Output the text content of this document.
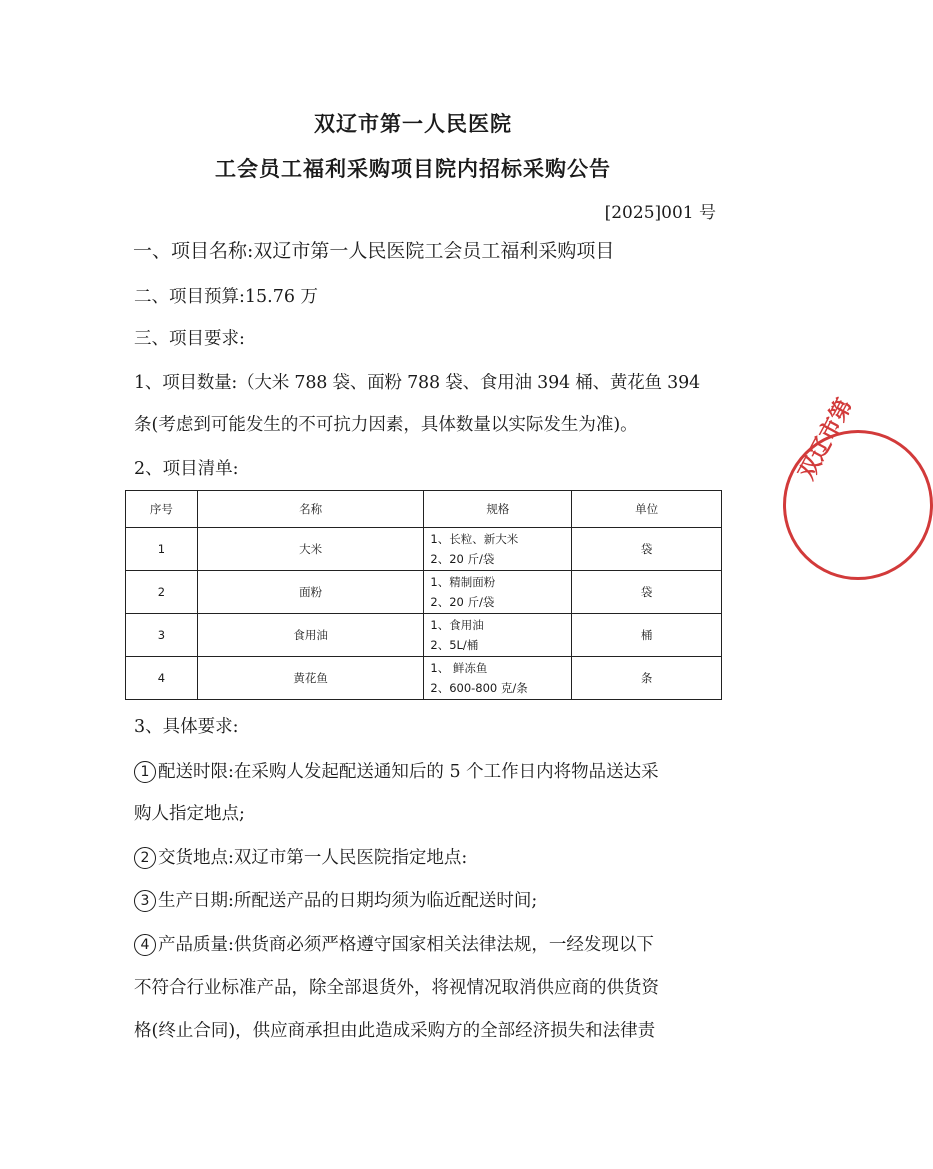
双辽市第一人民医院
工会员工福利采购项目院内招标采购公告
[2025]001 号
一、项目名称:双辽市第一人民医院工会员工福利采购项目
二、项目预算:15.76 万
三、项目要求:
1、项目数量:（大米 788 袋、面粉 788 袋、食用油 394 桶、黄花鱼 394
条(考虑到可能发生的不可抗力因素，具体数量以实际发生为准)。
2、项目清单:
序号	名称	规格	单位
1	大米	1、长粒、新大米
2、20 斤/袋	袋
2	面粉	1、精制面粉
2、20 斤/袋	袋
3	食用油	1、食用油
2、5L/桶	桶
4	黄花鱼	1、 鲜冻鱼
2、600-800 克/条	条
3、具体要求:
1 配送时限:在采购人发起配送通知后的 5 个工作日内将物品送达采
购人指定地点;
2 交货地点:双辽市第一人民医院指定地点:
3 生产日期:所配送产品的日期均须为临近配送时间;
4 产品质量:供货商必须严格遵守国家相关法律法规，一经发现以下
不符合行业标准产品，除全部退货外，将视情况取消供应商的供货资
格(终止合同)，供应商承担由此造成采购方的全部经济损失和法律责
双辽市第
